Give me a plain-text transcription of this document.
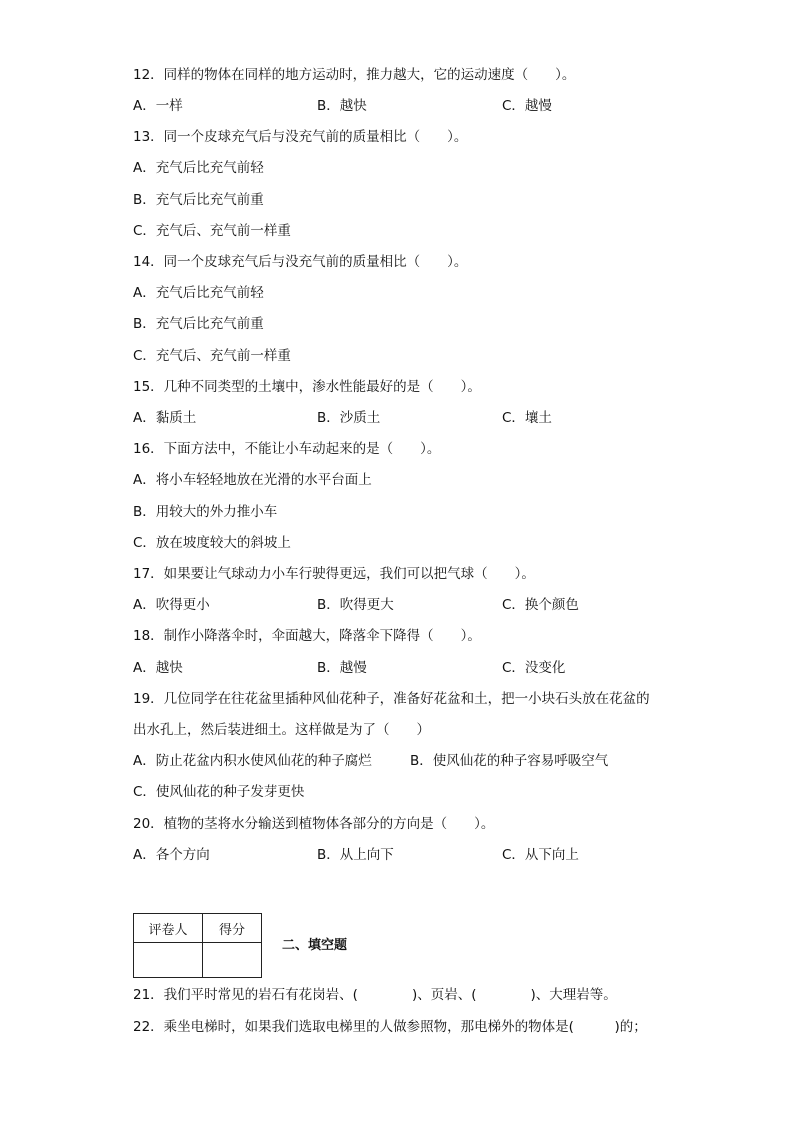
12．同样的物体在同样的地方运动时，推力越大，它的运动速度（　　）。
A．一样	B．越快	C．越慢
13．同一个皮球充气后与没充气前的质量相比（　　）。
A．充气后比充气前轻
B．充气后比充气前重
C．充气后、充气前一样重
14．同一个皮球充气后与没充气前的质量相比（　　）。
A．充气后比充气前轻
B．充气后比充气前重
C．充气后、充气前一样重
15．几种不同类型的土壤中，渗水性能最好的是（　　）。
A．黏质土	B．沙质土	C．壤土
16．下面方法中，不能让小车动起来的是（　　）。
A．将小车轻轻地放在光滑的水平台面上
B．用较大的外力推小车
C．放在坡度较大的斜坡上
17．如果要让气球动力小车行驶得更远，我们可以把气球（　　）。
A．吹得更小	B．吹得更大	C．换个颜色
18．制作小降落伞时，伞面越大，降落伞下降得（　　）。
A．越快	B．越慢	C．没变化
19．几位同学在往花盆里插种风仙花种子，准备好花盆和土，把一小块石头放在花盆的
出水孔上，然后装进细土。这样做是为了（　　）
A．防止花盆内积水使风仙花的种子腐烂	B．使风仙花的种子容易呼吸空气
C．使风仙花的种子发芽更快
20．植物的茎将水分输送到植物体各部分的方向是（　　）。
A．各个方向	B．从上向下	C．从下向上
评卷人	得分

二、填空题
21．我们平时常见的岩石有花岗岩、(　　　　)、页岩、(　　　　)、大理岩等。
22．乘坐电梯时，如果我们选取电梯里的人做参照物，那电梯外的物体是(　　　)的；
